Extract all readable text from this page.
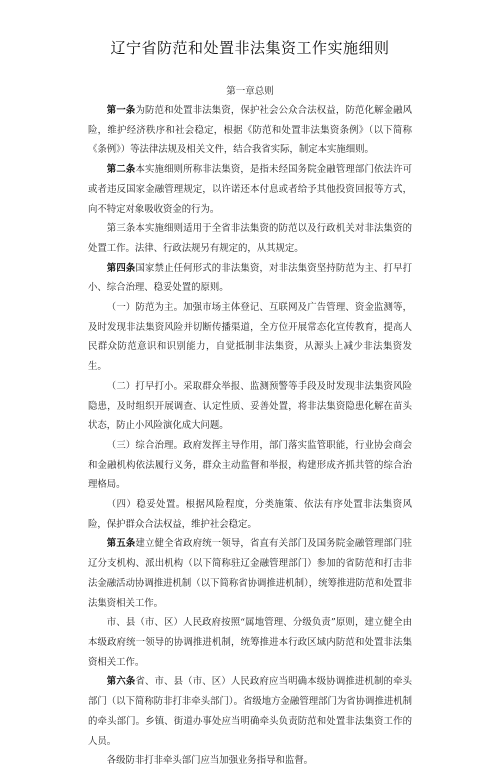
辽宁省防范和处置非法集资工作实施细则
第一章总则

第一条为防范和处置非法集资，保护社会公众合法权益，防范化解金融风险，维护经济秩序和社会稳定，根据《防范和处置非法集资条例》（以下简称《条例》）等法律法规及相关文件，结合我省实际，制定本实施细则。

第二条本实施细则所称非法集资，是指未经国务院金融管理部门依法许可或者违反国家金融管理规定，以许诺还本付息或者给予其他投资回报等方式，向不特定对象吸收资金的行为。

第三条本实施细则适用于全省非法集资的防范以及行政机关对非法集资的处置工作。法律、行政法规另有规定的，从其规定。

第四条国家禁止任何形式的非法集资，对非法集资坚持防范为主、打早打小、综合治理、稳妥处置的原则。

（一）防范为主。加强市场主体登记、互联网及广告管理、资金监测等，及时发现非法集资风险并切断传播渠道，全方位开展常态化宣传教育，提高人民群众防范意识和识别能力，自觉抵制非法集资，从源头上减少非法集资发生。

（二）打早打小。采取群众举报、监测预警等手段及时发现非法集资风险隐患，及时组织开展调查、认定性质、妥善处置，将非法集资隐患化解在苗头状态，防止小风险演化成大问题。

（三）综合治理。政府发挥主导作用，部门落实监管职能，行业协会商会和金融机构依法履行义务，群众主动监督和举报，构建形成齐抓共管的综合治理格局。

（四）稳妥处置。根据风险程度，分类施策、依法有序处置非法集资风险，保护群众合法权益，维护社会稳定。

第五条建立健全省政府统一领导，省直有关部门及国务院金融管理部门驻辽分支机构、派出机构（以下简称驻辽金融管理部门）参加的省防范和打击非法金融活动协调推进机制（以下简称省协调推进机制），统筹推进防范和处置非法集资相关工作。

市、县（市、区）人民政府按照“属地管理、分级负责”原则，建立健全由本级政府统一领导的协调推进机制，统筹推进本行政区域内防范和处置非法集资相关工作。

第六条省、市、县（市、区）人民政府应当明确本级协调推进机制的牵头部门（以下简称防非打非牵头部门）。省级地方金融管理部门为省协调推进机制的牵头部门。乡镇、街道办事处应当明确牵头负责防范和处置非法集资工作的人员。

各级防非打非牵头部门应当加强业务指导和监督。
